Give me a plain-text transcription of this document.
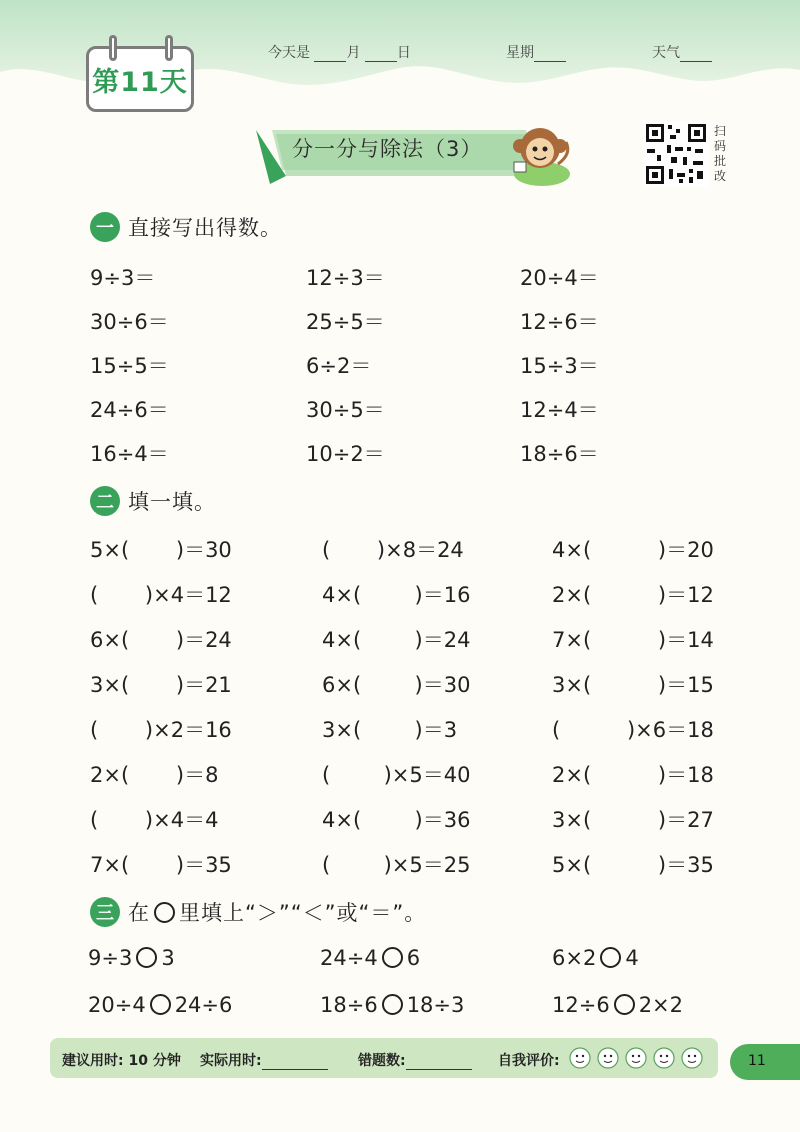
第11天
今天是	月	日	星期	天气
分一分与除法（3）
扫
码
批
改
一 直接写出得数。
9÷3＝	12÷3＝	20÷4＝
30÷6＝	25÷5＝	12÷6＝
15÷5＝	6÷2＝	15÷3＝
24÷6＝	30÷5＝	12÷4＝
16÷4＝	10÷2＝	18÷6＝
二 填一填。
5×(       )＝30	(       )×8＝24	4×(          )＝20
(       )×4＝12	4×(        )＝16	2×(          )＝12
6×(       )＝24	4×(        )＝24	7×(          )＝14
3×(       )＝21	6×(        )＝30	3×(          )＝15
(       )×2＝16	3×(        )＝3	(          )×6＝18
2×(       )＝8	(        )×5＝40	2×(          )＝18
(       )×4＝4	4×(        )＝36	3×(          )＝27
7×(       )＝35	(        )×5＝25	5×(          )＝35
三 在 里填上“＞”“＜”或“＝”。
9÷3 3	24÷4 6	6×2 4
20÷4 24÷6	18÷6 18÷3	12÷6 2×2
建议用时: 10 分钟 实际用时:	错题数:	自我评价:	11
